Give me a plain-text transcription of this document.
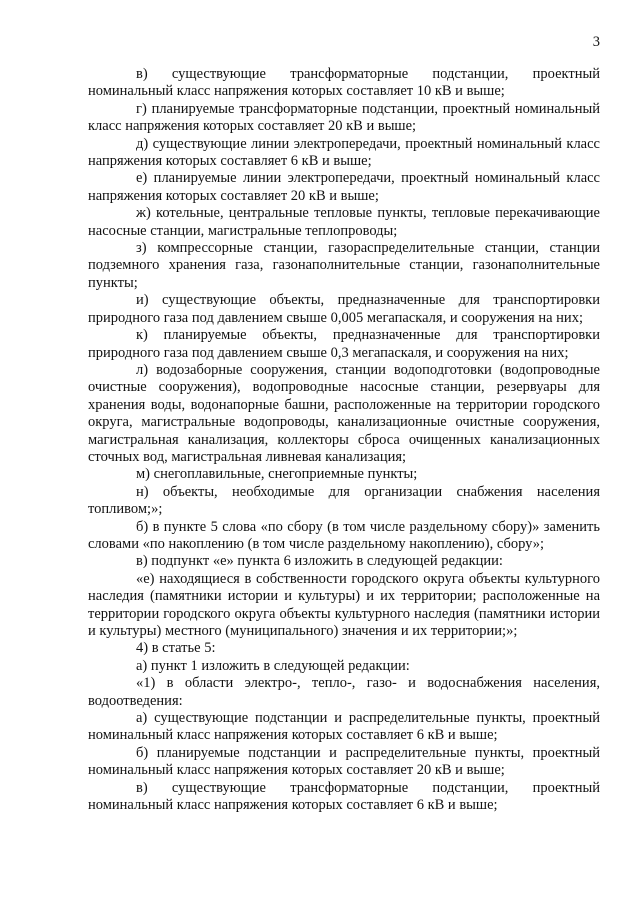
3

в) существующие трансформаторные подстанции, проектный номинальный класс напряжения которых составляет 10 кВ и выше;

г) планируемые трансформаторные подстанции, проектный номинальный класс напряжения которых составляет 20 кВ и выше;

д) существующие линии электропередачи, проектный номинальный класс напряжения которых составляет 6 кВ и выше;

е) планируемые линии электропередачи, проектный номинальный класс напряжения которых составляет 20 кВ и выше;

ж) котельные, центральные тепловые пункты, тепловые перекачивающие насосные станции, магистральные теплопроводы;

з) компрессорные станции, газораспределительные станции, станции подземного хранения газа, газонаполнительные станции, газонаполнительные пункты;

и) существующие объекты, предназначенные для транспортировки природного газа под давлением свыше 0,005 мегапаскаля, и сооружения на них;

к) планируемые объекты, предназначенные для транспортировки природного газа под давлением свыше 0,3 мегапаскаля, и сооружения на них;

л) водозаборные сооружения, станции водоподготовки (водопроводные очистные сооружения), водопроводные насосные станции, резервуары для хранения воды, водонапорные башни, расположенные на территории городского округа, магистральные водопроводы, канализационные очистные сооружения, магистральная канализация, коллекторы сброса очищенных канализационных сточных вод, магистральная ливневая канализация;

м) снегоплавильные, снегоприемные пункты;

н) объекты, необходимые для организации снабжения населения топливом;»;

б) в пункте 5 слова «по сбору (в том числе раздельному сбору)» заменить словами «по накоплению (в том числе раздельному накоплению), сбору»;

в) подпункт «е» пункта 6 изложить в следующей редакции:

«е) находящиеся в собственности городского округа объекты культурного наследия (памятники истории и культуры) и их территории; расположенные на территории городского округа объекты культурного наследия (памятники истории и культуры) местного (муниципального) значения и их территории;»;

4) в статье 5:

а) пункт 1 изложить в следующей редакции:

«1) в области электро-, тепло-, газо- и водоснабжения населения, водоотведения:

а) существующие подстанции и распределительные пункты, проектный номинальный класс напряжения которых составляет 6 кВ и выше;

б) планируемые подстанции и распределительные пункты, проектный номинальный класс напряжения которых составляет 20 кВ и выше;

в) существующие трансформаторные подстанции, проектный номинальный класс напряжения которых составляет 6 кВ и выше;
